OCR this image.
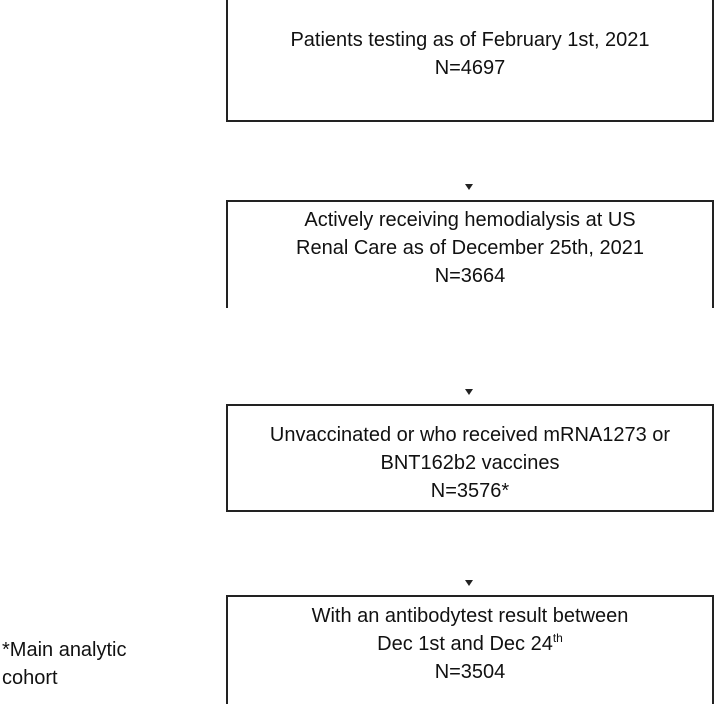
Patients testing as of February 1st, 2021
N=4697
Actively receiving hemodialysis at US
Renal Care as of December 25th, 2021
N=3664
Unvaccinated or who received mRNA1273 or
BNT162b2 vaccines
N=3576*
With an antibodytest result between
Dec 1st and Dec 24th
N=3504
*Main analytic
cohort
